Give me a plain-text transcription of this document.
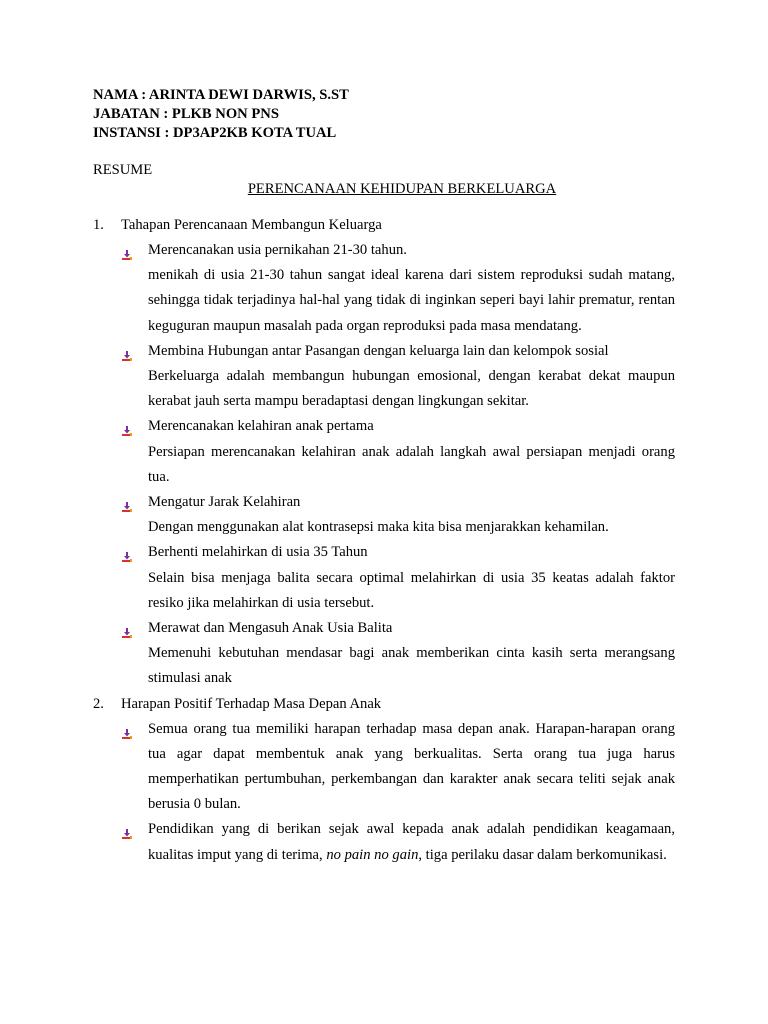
NAMA : ARINTA DEWI DARWIS, S.ST
JABATAN : PLKB NON PNS
INSTANSI : DP3AP2KB KOTA TUAL
RESUME
PERENCANAAN KEHIDUPAN BERKELUARGA
1.	Tahapan Perencanaan Membangun Keluarga
Merencanakan usia pernikahan 21-30 tahun.
menikah di usia 21-30 tahun sangat ideal karena dari sistem reproduksi sudah matang, sehingga tidak terjadinya hal-hal yang tidak di inginkan seperi bayi lahir prematur, rentan keguguran maupun masalah pada organ reproduksi pada masa mendatang.
Membina Hubungan antar Pasangan dengan keluarga lain dan kelompok sosial
Berkeluarga adalah membangun hubungan emosional, dengan kerabat dekat maupun kerabat jauh serta mampu beradaptasi dengan lingkungan sekitar.
Merencanakan kelahiran anak pertama
Persiapan merencanakan kelahiran anak adalah langkah awal persiapan menjadi orang tua.
Mengatur Jarak Kelahiran
Dengan menggunakan alat kontrasepsi maka kita bisa menjarakkan kehamilan.
Berhenti melahirkan di usia 35 Tahun
Selain bisa menjaga balita secara optimal melahirkan di usia 35 keatas adalah faktor resiko jika melahirkan di usia tersebut.
Merawat dan Mengasuh Anak Usia Balita
Memenuhi kebutuhan mendasar bagi anak memberikan cinta kasih serta merangsang stimulasi anak
2.	Harapan Positif Terhadap Masa Depan Anak
Semua orang tua memiliki harapan terhadap masa depan anak. Harapan-harapan orang tua agar dapat membentuk anak yang berkualitas. Serta orang tua juga harus memperhatikan pertumbuhan, perkembangan dan karakter anak secara teliti sejak anak berusia 0 bulan.
Pendidikan yang di berikan sejak awal kepada anak adalah pendidikan keagamaan, kualitas imput yang di terima, no pain no gain, tiga perilaku dasar dalam berkomunikasi.
